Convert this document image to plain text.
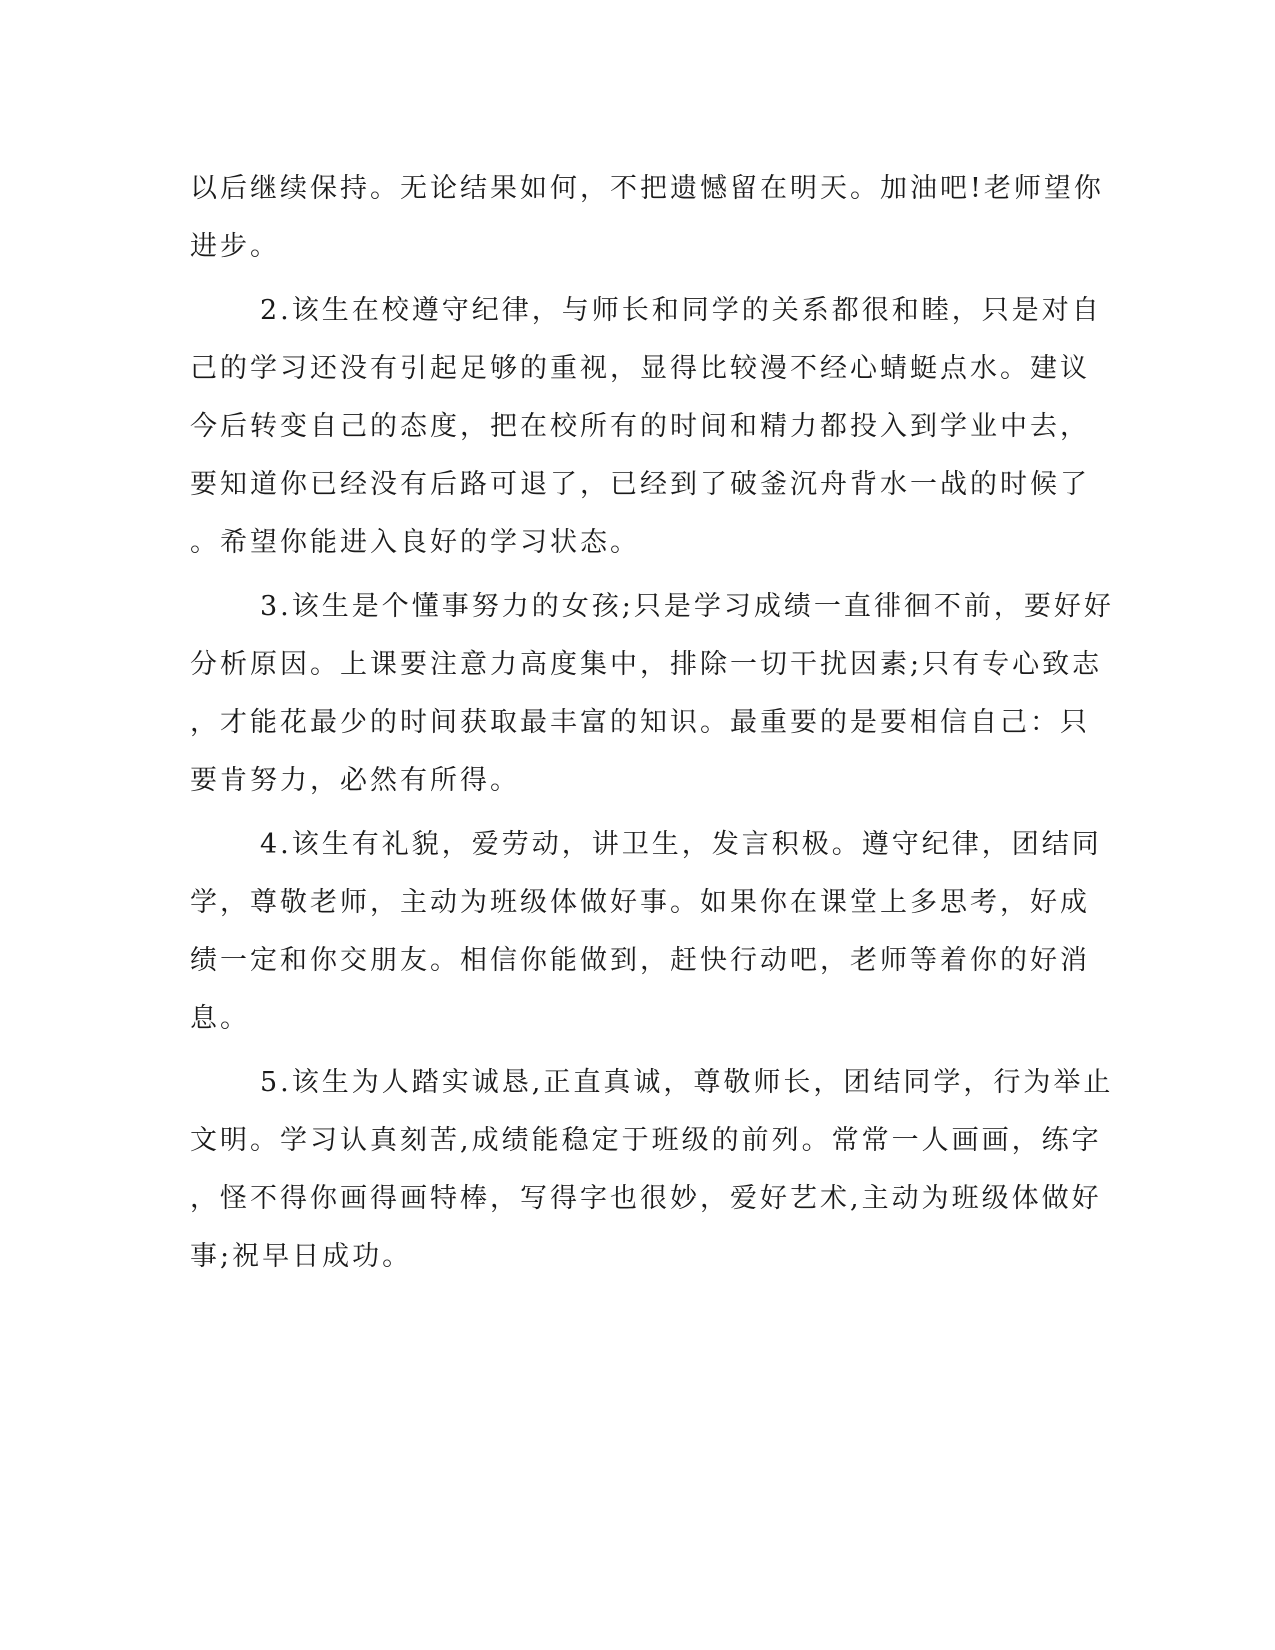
以后继续保持。无论结果如何，不把遗憾留在明天。加油吧!老师望你
进步。
2.该生在校遵守纪律，与师长和同学的关系都很和睦，只是对自
己的学习还没有引起足够的重视，显得比较漫不经心蜻蜓点水。建议
今后转变自己的态度，把在校所有的时间和精力都投入到学业中去，
要知道你已经没有后路可退了，已经到了破釜沉舟背水一战的时候了
。希望你能进入良好的学习状态。
3.该生是个懂事努力的女孩;只是学习成绩一直徘徊不前，要好好
分析原因。上课要注意力高度集中，排除一切干扰因素;只有专心致志
，才能花最少的时间获取最丰富的知识。最重要的是要相信自己：只
要肯努力，必然有所得。
4.该生有礼貌，爱劳动，讲卫生，发言积极。遵守纪律，团结同
学，尊敬老师，主动为班级体做好事。如果你在课堂上多思考，好成
绩一定和你交朋友。相信你能做到，赶快行动吧，老师等着你的好消
息。
5.该生为人踏实诚恳,正直真诚，尊敬师长，团结同学，行为举止
文明。学习认真刻苦,成绩能稳定于班级的前列。常常一人画画，练字
，怪不得你画得画特棒，写得字也很妙，爱好艺术,主动为班级体做好
事;祝早日成功。
